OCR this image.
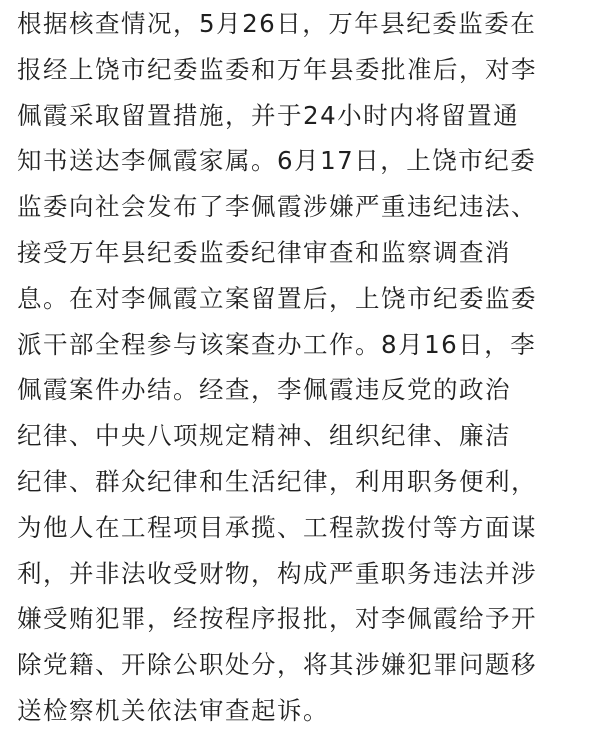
根据核查情况，5月26日，万年县纪委监委在
报经上饶市纪委监委和万年县委批准后，对李
佩霞采取留置措施，并于24小时内将留置通
知书送达李佩霞家属。6月17日，上饶市纪委
监委向社会发布了李佩霞涉嫌严重违纪违法、
接受万年县纪委监委纪律审查和监察调查消
息。在对李佩霞立案留置后，上饶市纪委监委
派干部全程参与该案查办工作。8月16日，李
佩霞案件办结。经查，李佩霞违反党的政治
纪律、中央八项规定精神、组织纪律、廉洁
纪律、群众纪律和生活纪律，利用职务便利，
为他人在工程项目承揽、工程款拨付等方面谋
利，并非法收受财物，构成严重职务违法并涉
嫌受贿犯罪，经按程序报批，对李佩霞给予开
除党籍、开除公职处分，将其涉嫌犯罪问题移
送检察机关依法审查起诉。
